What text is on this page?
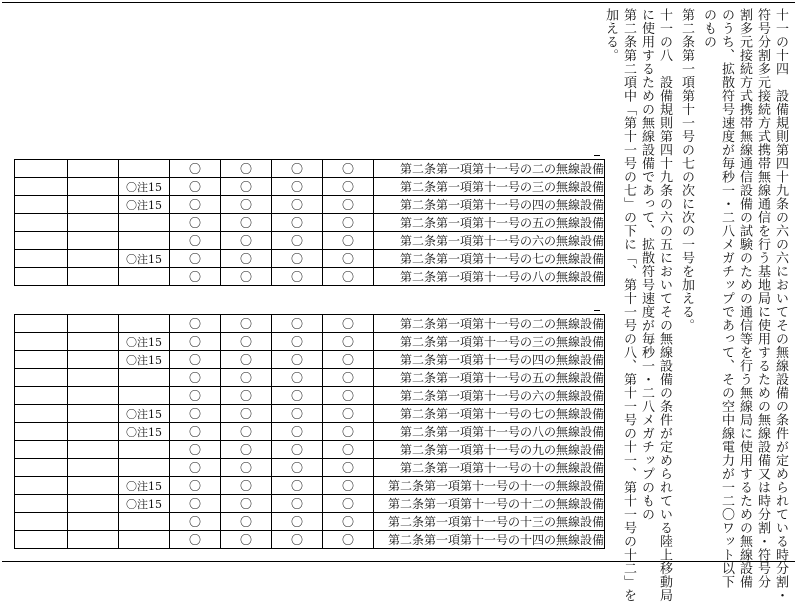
十一の十四　設備規則第四十九条の六の六においてその無線設備の条件が定められている時分割・
符号分割多元接続方式携帯無線通信を行う基地局に使用するための無線設備又は時分割・符号分
割多元接続方式携帯無線通信設備の試験のための通信等を行う無線局に使用するための無線設備
のうち、拡散符号速度が毎秒一・二八メガチップであって、その空中線電力が一二〇ワット以下
のもの
第二条第一項第十一号の七の次に次の一号を加える。
十一の八　設備規則第四十九条の六の五においてその無線設備の条件が定められている陸上移動局
に使用するための無線設備であって、拡散符号速度が毎秒一・二八メガチップのもの
第二条第二項中「第十一号の七」の下に「、第十一号の八、第十一号の十一、第十一号の十二」を
加える。
			〇	〇	〇	〇	第二条第一項第十一号の二の無線設備
		〇注15	〇	〇	〇	〇	第二条第一項第十一号の三の無線設備
		〇注15	〇	〇	〇	〇	第二条第一項第十一号の四の無線設備
			〇	〇	〇	〇	第二条第一項第十一号の五の無線設備
			〇	〇	〇	〇	第二条第一項第十一号の六の無線設備
		〇注15	〇	〇	〇	〇	第二条第一項第十一号の七の無線設備
			〇	〇	〇	〇	第二条第一項第十一号の八の無線設備
			〇	〇	〇	〇	第二条第一項第十一号の二の無線設備
		〇注15	〇	〇	〇	〇	第二条第一項第十一号の三の無線設備
		〇注15	〇	〇	〇	〇	第二条第一項第十一号の四の無線設備
			〇	〇	〇	〇	第二条第一項第十一号の五の無線設備
			〇	〇	〇	〇	第二条第一項第十一号の六の無線設備
		〇注15	〇	〇	〇	〇	第二条第一項第十一号の七の無線設備
		〇注15	〇	〇	〇	〇	第二条第一項第十一号の八の無線設備
			〇	〇	〇	〇	第二条第一項第十一号の九の無線設備
			〇	〇	〇	〇	第二条第一項第十一号の十の無線設備
		〇注15	〇	〇	〇	〇	第二条第一項第十一号の十一の無線設備
		〇注15	〇	〇	〇	〇	第二条第一項第十一号の十二の無線設備
			〇	〇	〇	〇	第二条第一項第十一号の十三の無線設備
			〇	〇	〇	〇	第二条第一項第十一号の十四の無線設備
